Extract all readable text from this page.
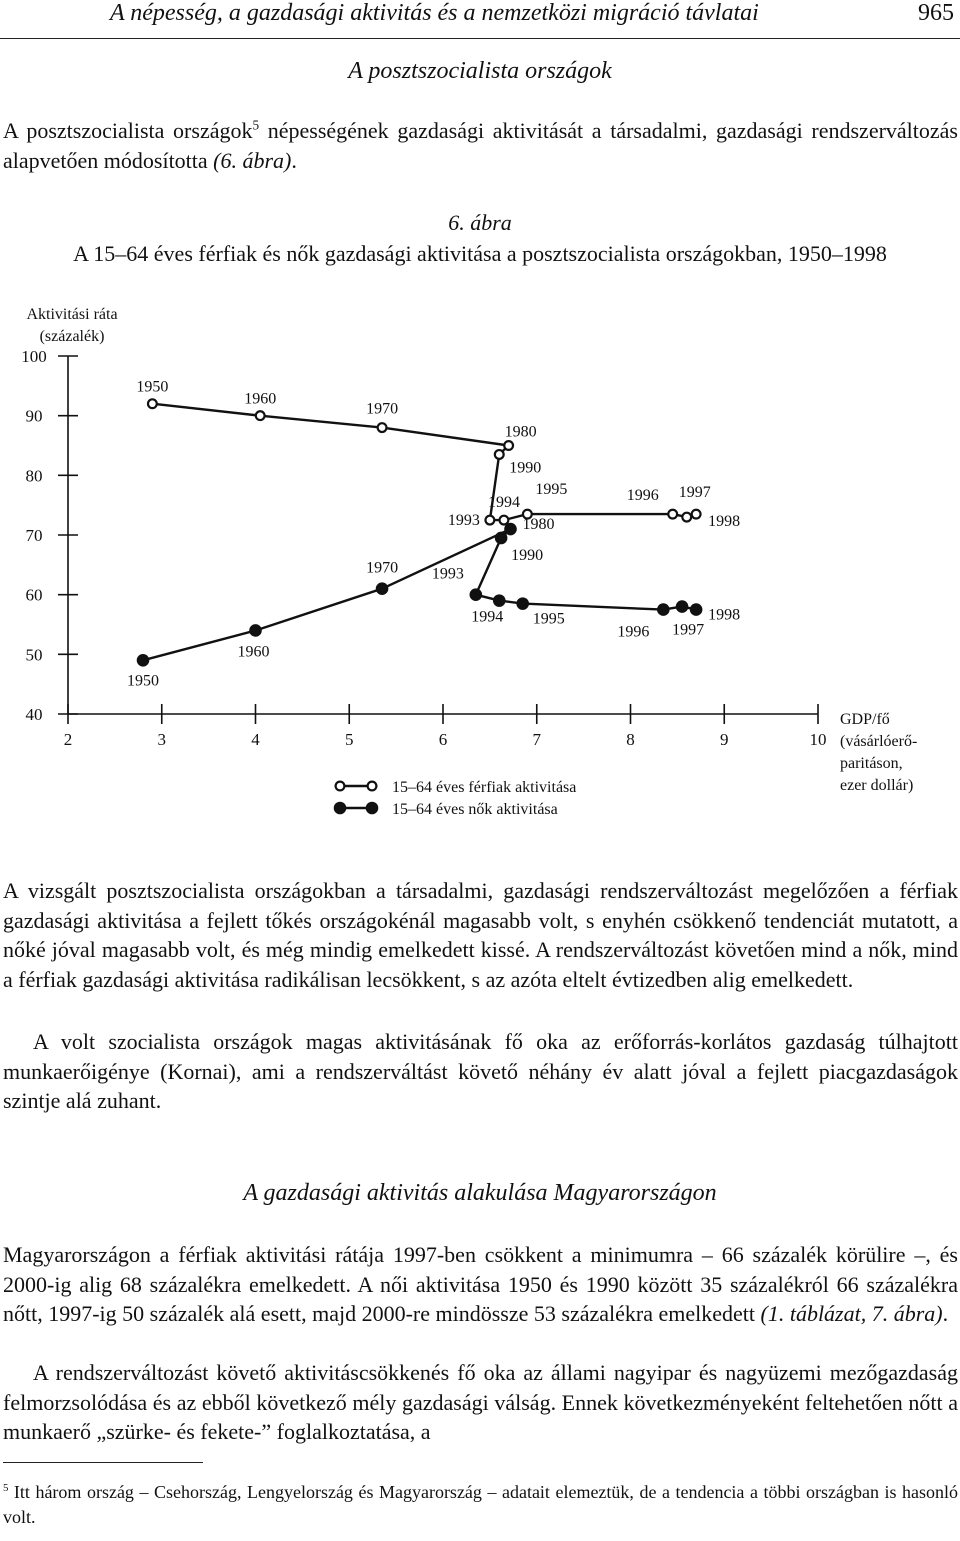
A népesség, a gazdasági aktivitás és a nemzetközi migráció távlatai	965
A posztszocialista országok

A posztszocialista országok$^5$ népességének gazdasági aktivitását a társadalmi, gazdasági rendszerváltozás alapvetően módosította (6. ábra).

6. ábra
A 15–64 éves férfiak és nők gazdasági aktivitása a posztszocialista országokban, 1950–1998
40
50
60
70
80
90
100
2	3	4	5	6	7	8	9	10
Aktivitási ráta
(százalék)
GDP/fő
(vásárlóerő-
paritáson,
ezer dollár)
1950
1960
1970
1980
1990
1993
1994
1995	1996 1997
1998
1950
1960
1970
1980
1990
1993
1994 1995
1996 1997
1998
15–64 éves férfiak aktivitása
15–64 éves nők aktivitása

A vizsgált posztszocialista országokban a társadalmi, gazdasági rendszerváltozást megelőzően a férfiak gazdasági aktivitása a fejlett tőkés országokénál magasabb volt, s enyhén csökkenő tendenciát mutatott, a nőké jóval magasabb volt, és még mindig emelkedett kissé. A rendszerváltozást követően mind a nők, mind a férfiak gazdasági aktivitása radikálisan lecsökkent, s az azóta eltelt évtizedben alig emelkedett.

A volt szocialista országok magas aktivitásának fő oka az erőforrás-korlátos gazdaság túlhajtott munkaerőigénye (Kornai), ami a rendszerváltást követő néhány év alatt jóval a fejlett piacgazdaságok szintje alá zuhant.

A gazdasági aktivitás alakulása Magyarországon

Magyarországon a férfiak aktivitási rátája 1997-ben csökkent a minimumra – 66 százalék körülire –, és 2000-ig alig 68 százalékra emelkedett. A női aktivitása 1950 és 1990 között 35 százalékról 66 százalékra nőtt, 1997-ig 50 százalék alá esett, majd 2000-re mindössze 53 százalékra emelkedett (1. táblázat, 7. ábra).

A rendszerváltozást követő aktivitáscsökkenés fő oka az állami nagyipar és nagyüzemi mezőgazdaság felmorzsolódása és az ebből következő mély gazdasági válság. Ennek következményeként feltehetően nőtt a munkaerő „szürke- és fekete-” foglalkoztatása, a

$^5$ Itt három ország – Csehország, Lengyelország és Magyarország – adatait elemeztük, de a tendencia a többi országban is hasonló volt.
